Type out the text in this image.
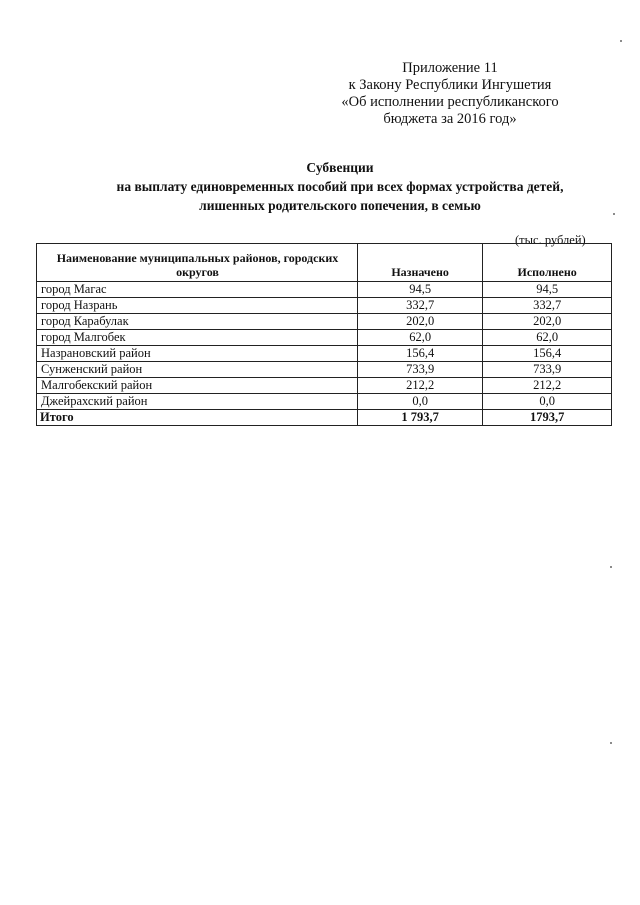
Приложение 11
к Закону Республики Ингушетия
«Об исполнении республиканского
бюджета за 2016 год»
Субвенции
на выплату единовременных пособий при всех формах устройства детей,
лишенных родительского попечения, в семью
(тыс. рублей)
Наименование муниципальных районов, городских округов	Назначено	Исполнено
город Магас	94,5	94,5
город Назрань	332,7	332,7
город Карабулак	202,0	202,0
город Малгобек	62,0	62,0
Назрановский район	156,4	156,4
Сунженский район	733,9	733,9
Малгобекский район	212,2	212,2
Джейрахский район	0,0	0,0
Итого	1 793,7	1793,7
